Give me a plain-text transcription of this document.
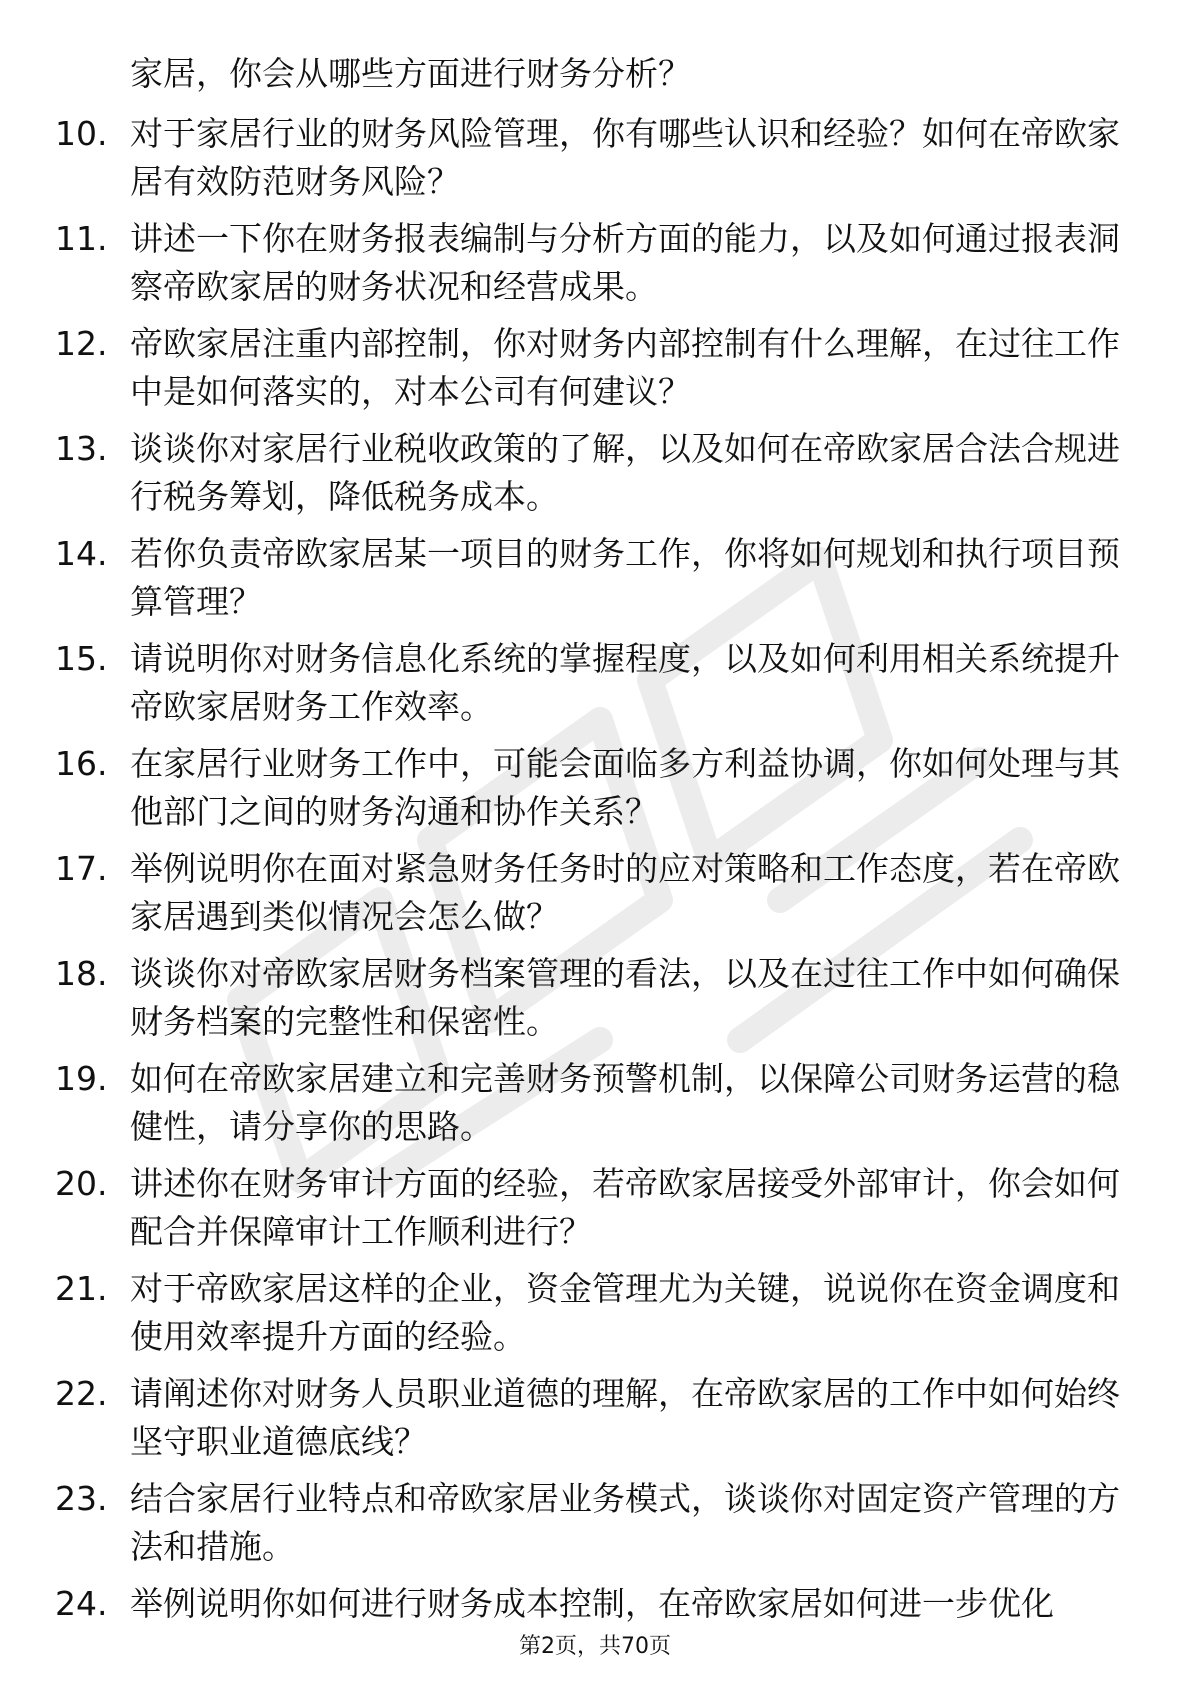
家居，你会从哪些方面进行财务分析？

10. 对于家居行业的财务风险管理，你有哪些认识和经验？如何在帝欧家居有效防范财务风险？

11. 讲述一下你在财务报表编制与分析方面的能力，以及如何通过报表洞察帝欧家居的财务状况和经营成果。

12. 帝欧家居注重内部控制，你对财务内部控制有什么理解，在过往工作中是如何落实的，对本公司有何建议？

13. 谈谈你对家居行业税收政策的了解，以及如何在帝欧家居合法合规进行税务筹划，降低税务成本。

14. 若你负责帝欧家居某一项目的财务工作，你将如何规划和执行项目预算管理？

15. 请说明你对财务信息化系统的掌握程度，以及如何利用相关系统提升帝欧家居财务工作效率。

16. 在家居行业财务工作中，可能会面临多方利益协调，你如何处理与其他部门之间的财务沟通和协作关系？

17. 举例说明你在面对紧急财务任务时的应对策略和工作态度，若在帝欧家居遇到类似情况会怎么做？

18. 谈谈你对帝欧家居财务档案管理的看法，以及在过往工作中如何确保财务档案的完整性和保密性。

19. 如何在帝欧家居建立和完善财务预警机制，以保障公司财务运营的稳健性，请分享你的思路。

20. 讲述你在财务审计方面的经验，若帝欧家居接受外部审计，你会如何配合并保障审计工作顺利进行？

21. 对于帝欧家居这样的企业，资金管理尤为关键，说说你在资金调度和使用效率提升方面的经验。

22. 请阐述你对财务人员职业道德的理解，在帝欧家居的工作中如何始终坚守职业道德底线？

23. 结合家居行业特点和帝欧家居业务模式，谈谈你对固定资产管理的方法和措施。

24. 举例说明你如何进行财务成本控制，在帝欧家居如何进一步优化

第2页，共70页
